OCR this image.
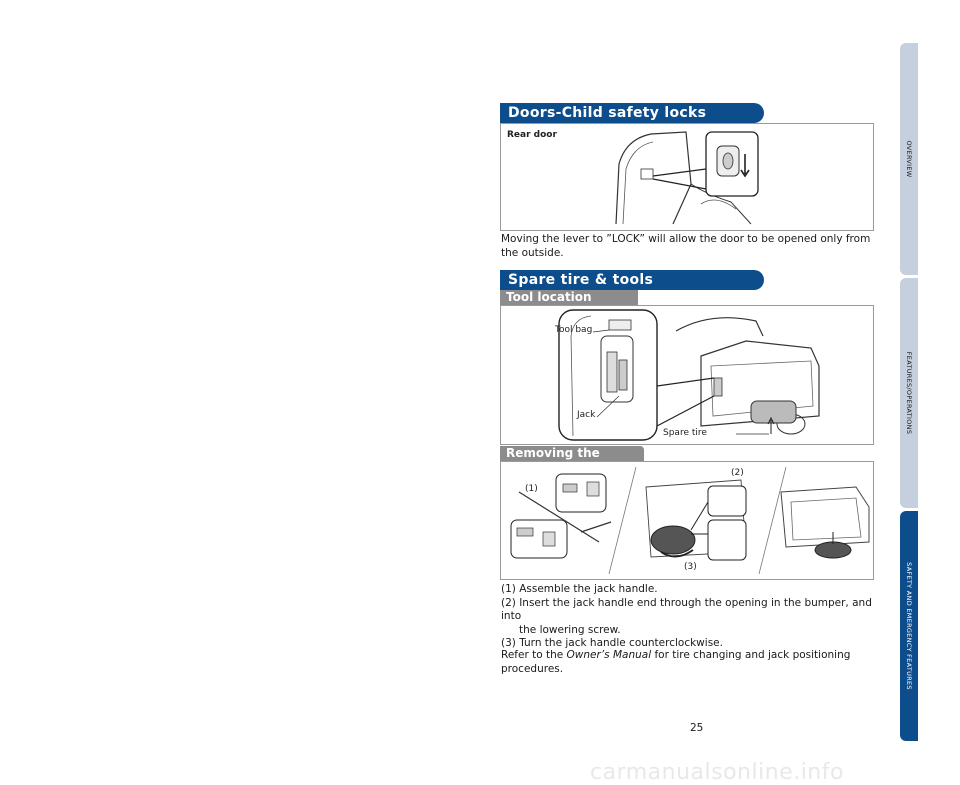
Doors-Child safety locks
Rear door
Moving the lever to ”LOCK” will allow the door to be opened only from
the outside.
Spare tire & tools
Tool location
Tool bag
Jack
Spare tire
Removing the
(1)
(2)
(3)
(1) Assemble the jack handle.
(2) Insert the jack handle end through the opening in the bumper, and into
the lowering screw.
(3) Turn the jack handle counterclockwise.
Refer to the Owner’s Manual for tire changing and jack positioning
procedures.
25
OVERVIEW
FEATURES/OPERATIONS
SAFETY AND EMERGENCY FEATURES
carmanualsonline.info
